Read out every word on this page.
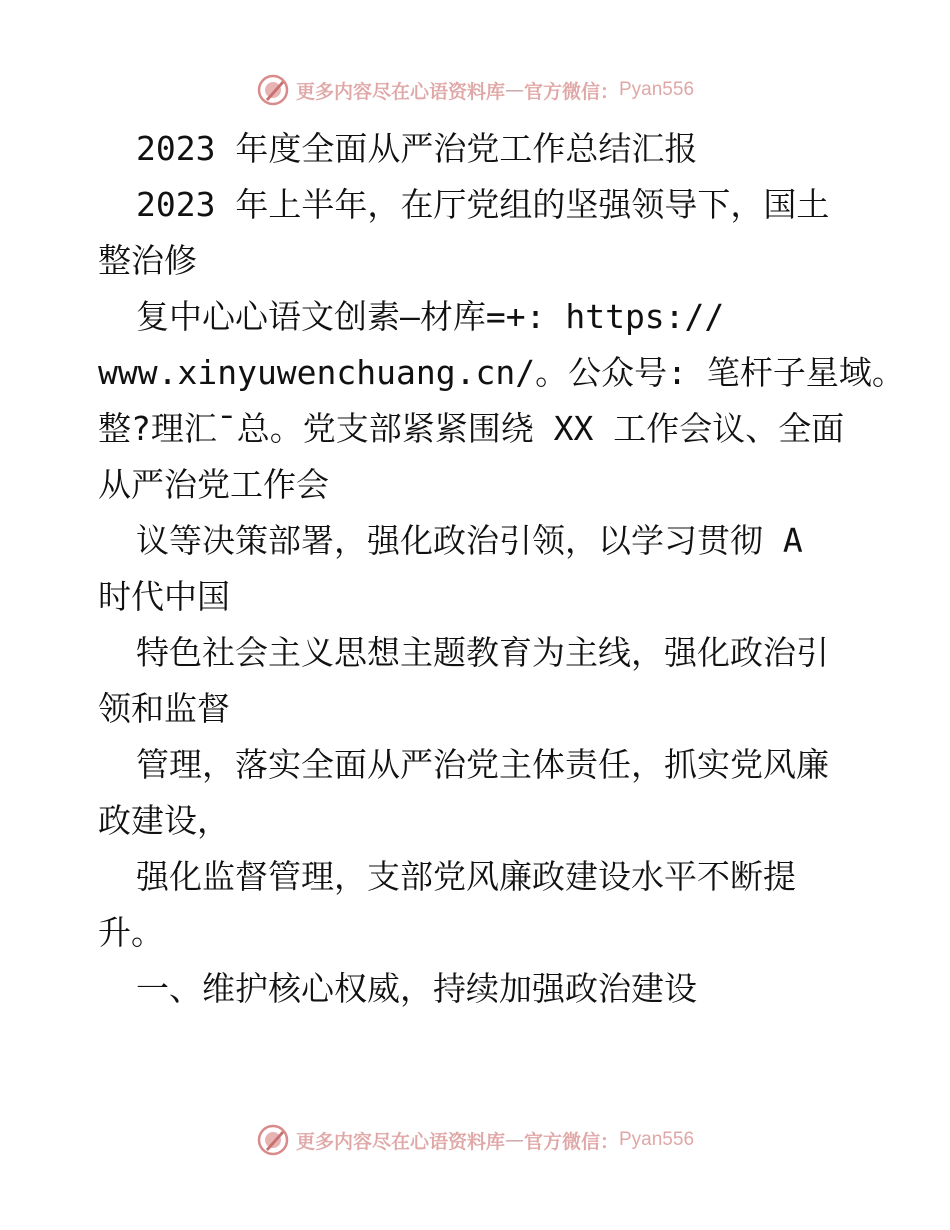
更多内容尽在心语资料库 — 官方微信： Pyan556
2023 年度全面从严治党工作总结汇报
2023 年上半年，在厅党组的坚强领导下，国土
整治修
复中心心语文创素—材库=+: https://
www.xinyuwenchuang.cn/。公众号: 笔杆子星域。
整?理汇¯总。党支部紧紧围绕 XX 工作会议、全面
从严治党工作会
议等决策部署，强化政治引领，以学习贯彻 A
时代中国
特色社会主义思想主题教育为主线，强化政治引
领和监督
管理，落实全面从严治党主体责任，抓实党风廉
政建设，
强化监督管理，支部党风廉政建设水平不断提
升。
一、维护核心权威，持续加强政治建设
更多内容尽在心语资料库 — 官方微信： Pyan556
